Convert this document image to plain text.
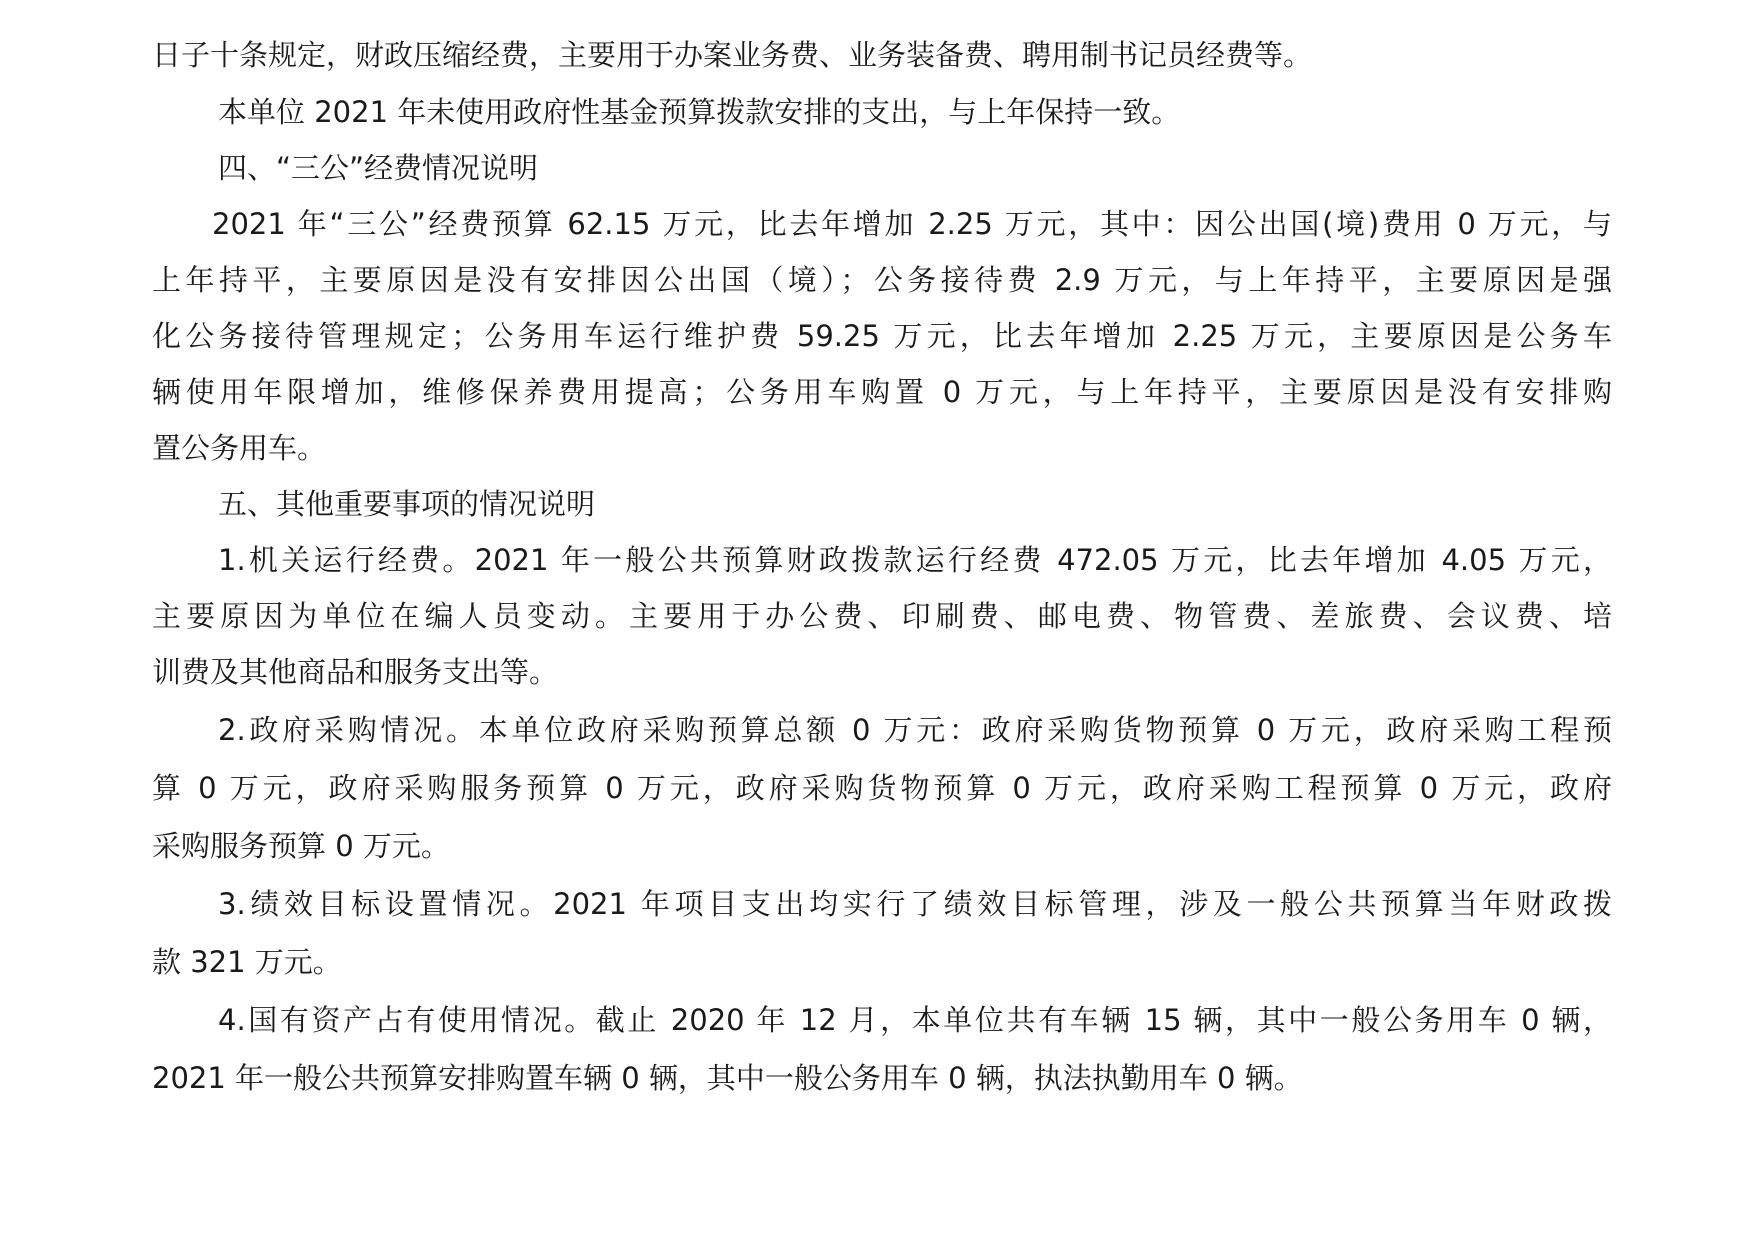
日子十条规定，财政压缩经费，主要用于办案业务费、业务装备费、聘用制书记员经费等。
本单位 2021 年未使用政府性基金预算拨款安排的支出，与上年保持一致。
四、“三公”经费情况说明
2021 年“三公”经费预算 62.15 万元，比去年增加 2.25 万元，其中：因公出国(境)费用 0 万元，与
上年持平，主要原因是没有安排因公出国（境）；公务接待费 2.9 万元，与上年持平，主要原因是强
化公务接待管理规定；公务用车运行维护费 59.25 万元，比去年增加 2.25 万元，主要原因是公务车
辆使用年限增加，维修保养费用提高；公务用车购置 0 万元，与上年持平，主要原因是没有安排购
置公务用车。
五、其他重要事项的情况说明
1.机关运行经费。2021 年一般公共预算财政拨款运行经费 472.05 万元，比去年增加 4.05 万元，
主要原因为单位在编人员变动。主要用于办公费、印刷费、邮电费、物管费、差旅费、会议费、培
训费及其他商品和服务支出等。
2.政府采购情况。本单位政府采购预算总额 0 万元：政府采购货物预算 0 万元，政府采购工程预
算 0 万元，政府采购服务预算 0 万元，政府采购货物预算 0 万元，政府采购工程预算 0 万元，政府
采购服务预算 0 万元。
3.绩效目标设置情况。2021 年项目支出均实行了绩效目标管理，涉及一般公共预算当年财政拨
款 321 万元。
4.国有资产占有使用情况。截止 2020 年 12 月，本单位共有车辆 15 辆，其中一般公务用车 0 辆，
2021 年一般公共预算安排购置车辆 0 辆，其中一般公务用车 0 辆，执法执勤用车 0 辆。
